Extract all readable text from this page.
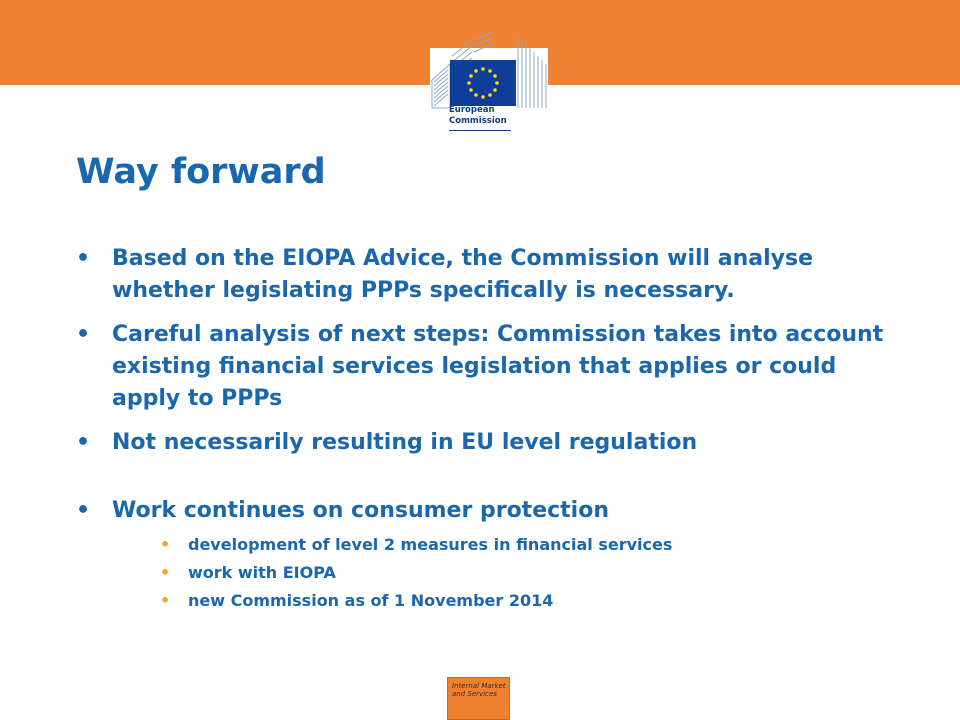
European
Commission
Way forward
• Based on the EIOPA Advice, the Commission will analyse whether legislating PPPs specifically is necessary.
• Careful analysis of next steps: Commission takes into account existing financial services legislation that applies or could apply to PPPs
• Not necessarily resulting in EU level regulation
• Work continues on consumer protection
• development of level 2 measures in financial services
• work with EIOPA
• new Commission as of 1 November 2014
Internal Market
and Services
